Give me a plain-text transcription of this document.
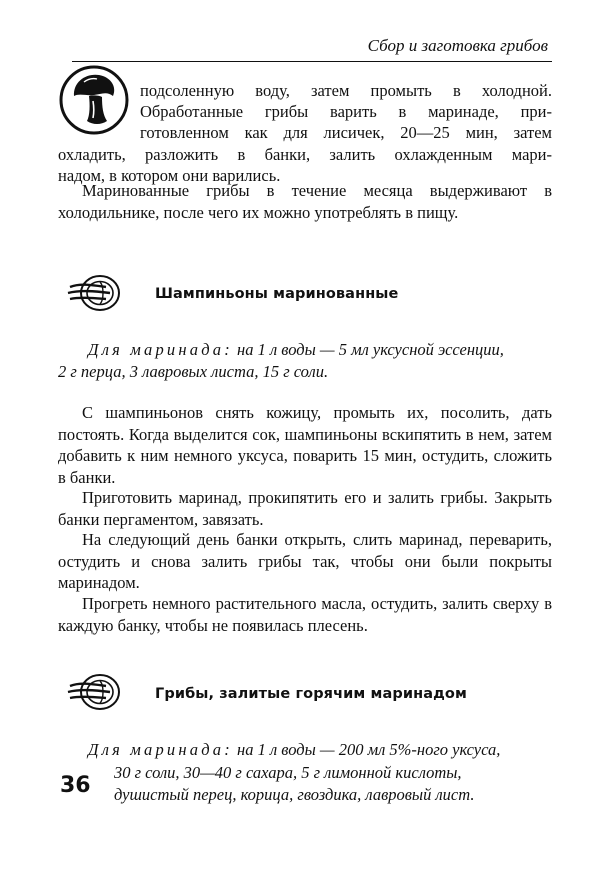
Сбор и заготовка грибов
подсоленную воду, затем промыть в холодной.
Обработанные грибы варить в маринаде, при-
готовленном как для лисичек, 20—25 мин, затем
охладить, разложить в банки, залить охлажденным мари-
надом, в котором они варились.

Маринованные грибы в течение месяца выдерживают в холодильнике, после чего их можно употреблять в пищу.

Шампиньоны маринованные
Для маринада: на 1 л воды — 5 мл уксусной эссенции,
2 г перца, 3 лавровых листа, 15 г соли.

С шампиньонов снять кожицу, промыть их, посолить, дать постоять. Когда выделится сок, шампиньоны вскипятить в нем, затем добавить к ним немного уксуса, поварить 15 мин, остудить, сложить в банки.

Приготовить маринад, прокипятить его и залить грибы. Закрыть банки пергаментом, завязать.

На следующий день банки открыть, слить маринад, переварить, остудить и снова залить грибы так, чтобы они были покрыты маринадом.

Прогреть немного растительного масла, остудить, залить сверху в каждую банку, чтобы не появилась плесень.

Грибы, залитые горячим маринадом
Для маринада: на 1 л воды — 200 мл 5%-ного уксуса,
30 г соли, 30—40 г сахара, 5 г лимонной кислоты,
душистый перец, корица, гвоздика, лавровый лист.
36
